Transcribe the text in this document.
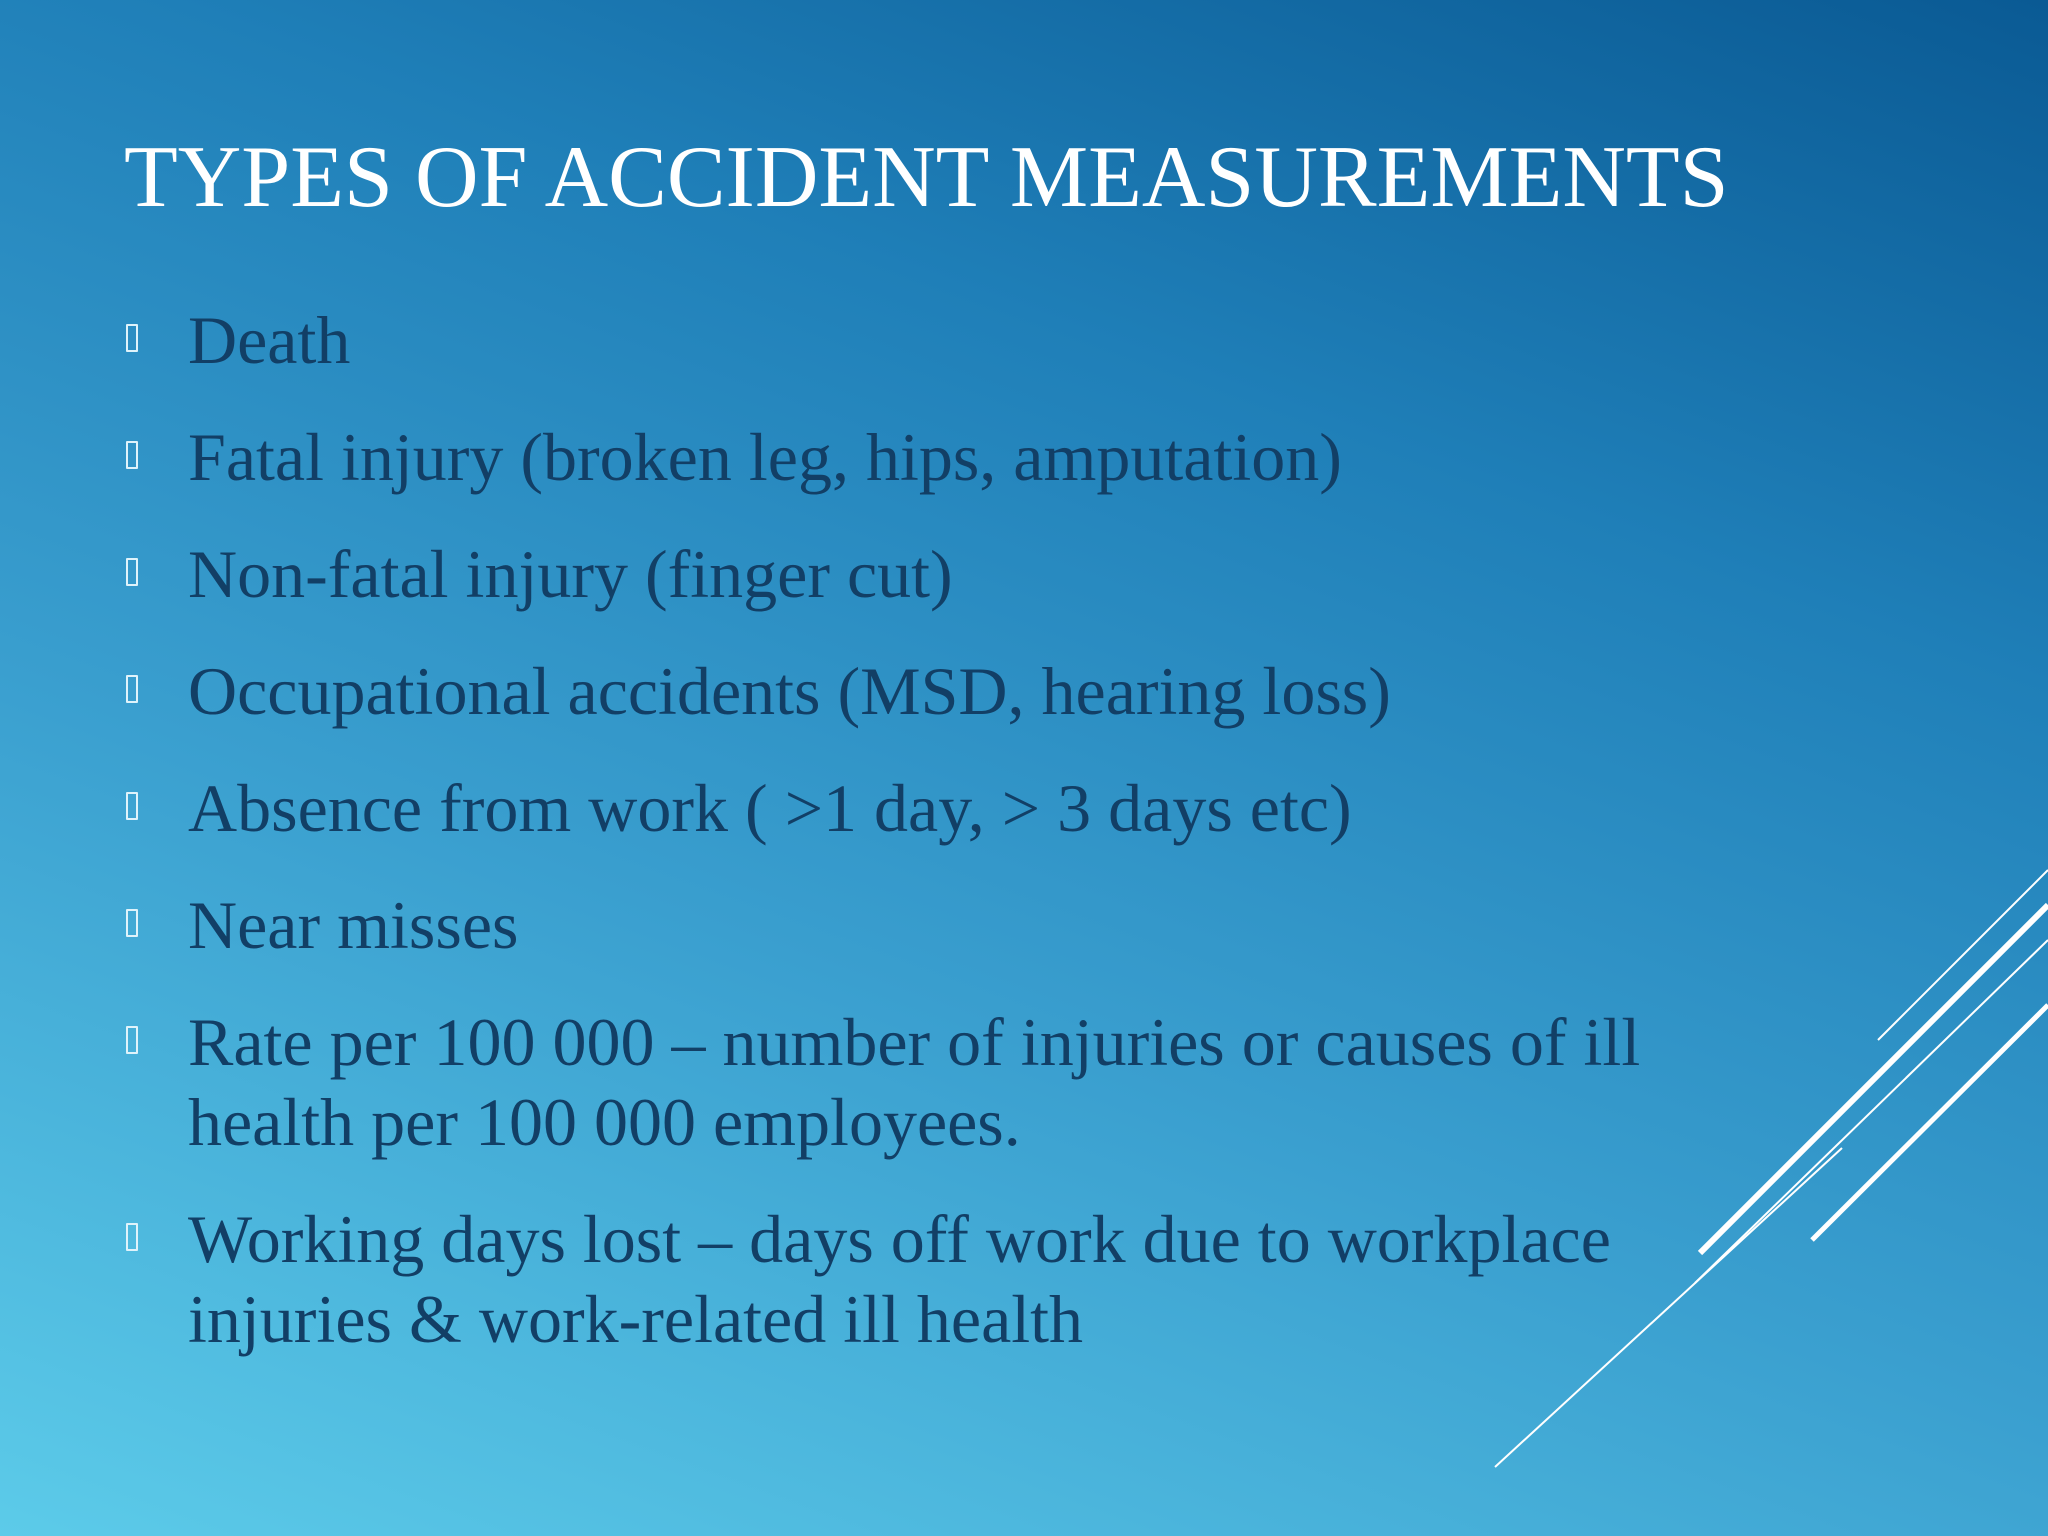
TYPES OF ACCIDENT MEASUREMENTS
Death
Fatal injury (broken leg, hips, amputation)
Non-fatal injury (finger cut)
Occupational accidents (MSD, hearing loss)
Absence from work ( >1 day, > 3 days etc)
Near misses
Rate per 100 000 – number of injuries or causes of ill health per 100 000 employees.
Working days lost – days off work due to workplace injuries & work-related ill health
